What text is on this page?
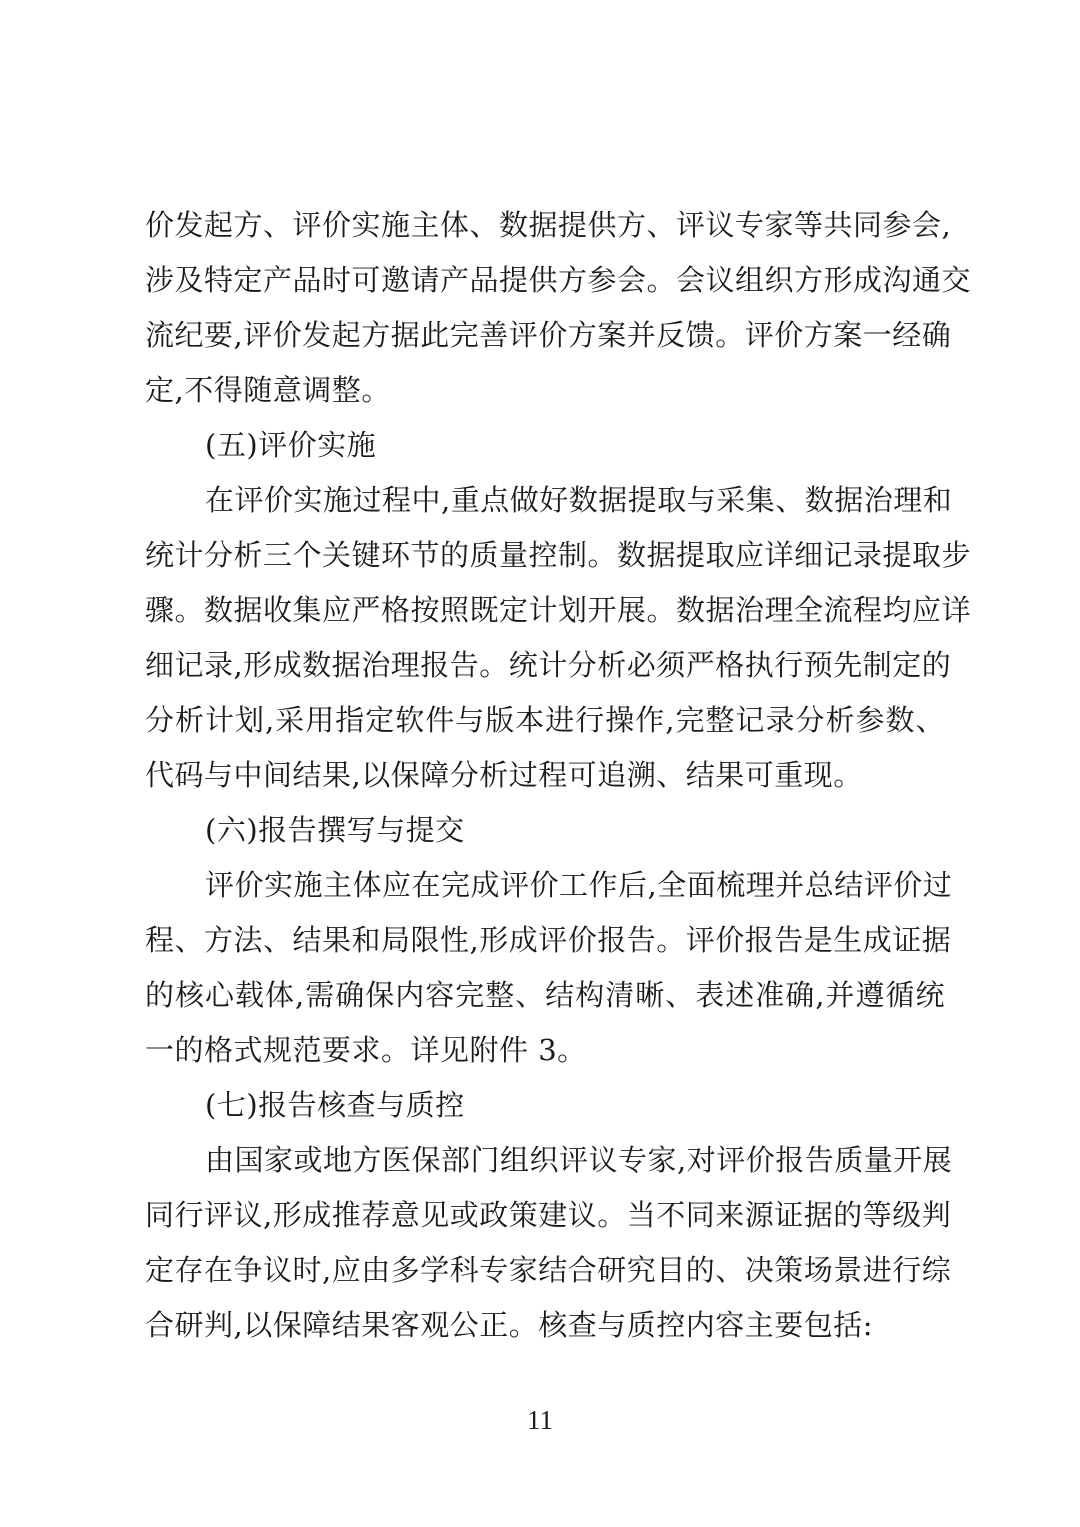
价发起方、评价实施主体、数据提供方、评议专家等共同参会,
涉及特定产品时可邀请产品提供方参会。会议组织方形成沟通交
流纪要,评价发起方据此完善评价方案并反馈。评价方案一经确
定,不得随意调整。
(五)评价实施
在评价实施过程中,重点做好数据提取与采集、数据治理和
统计分析三个关键环节的质量控制。数据提取应详细记录提取步
骤。数据收集应严格按照既定计划开展。数据治理全流程均应详
细记录,形成数据治理报告。统计分析必须严格执行预先制定的
分析计划,采用指定软件与版本进行操作,完整记录分析参数、
代码与中间结果,以保障分析过程可追溯、结果可重现。
(六)报告撰写与提交
评价实施主体应在完成评价工作后,全面梳理并总结评价过
程、方法、结果和局限性,形成评价报告。评价报告是生成证据
的核心载体,需确保内容完整、结构清晰、表述准确,并遵循统
一的格式规范要求。详见附件 3。
(七)报告核查与质控
由国家或地方医保部门组织评议专家,对评价报告质量开展
同行评议,形成推荐意见或政策建议。当不同来源证据的等级判
定存在争议时,应由多学科专家结合研究目的、决策场景进行综
合研判,以保障结果客观公正。核查与质控内容主要包括:
11
